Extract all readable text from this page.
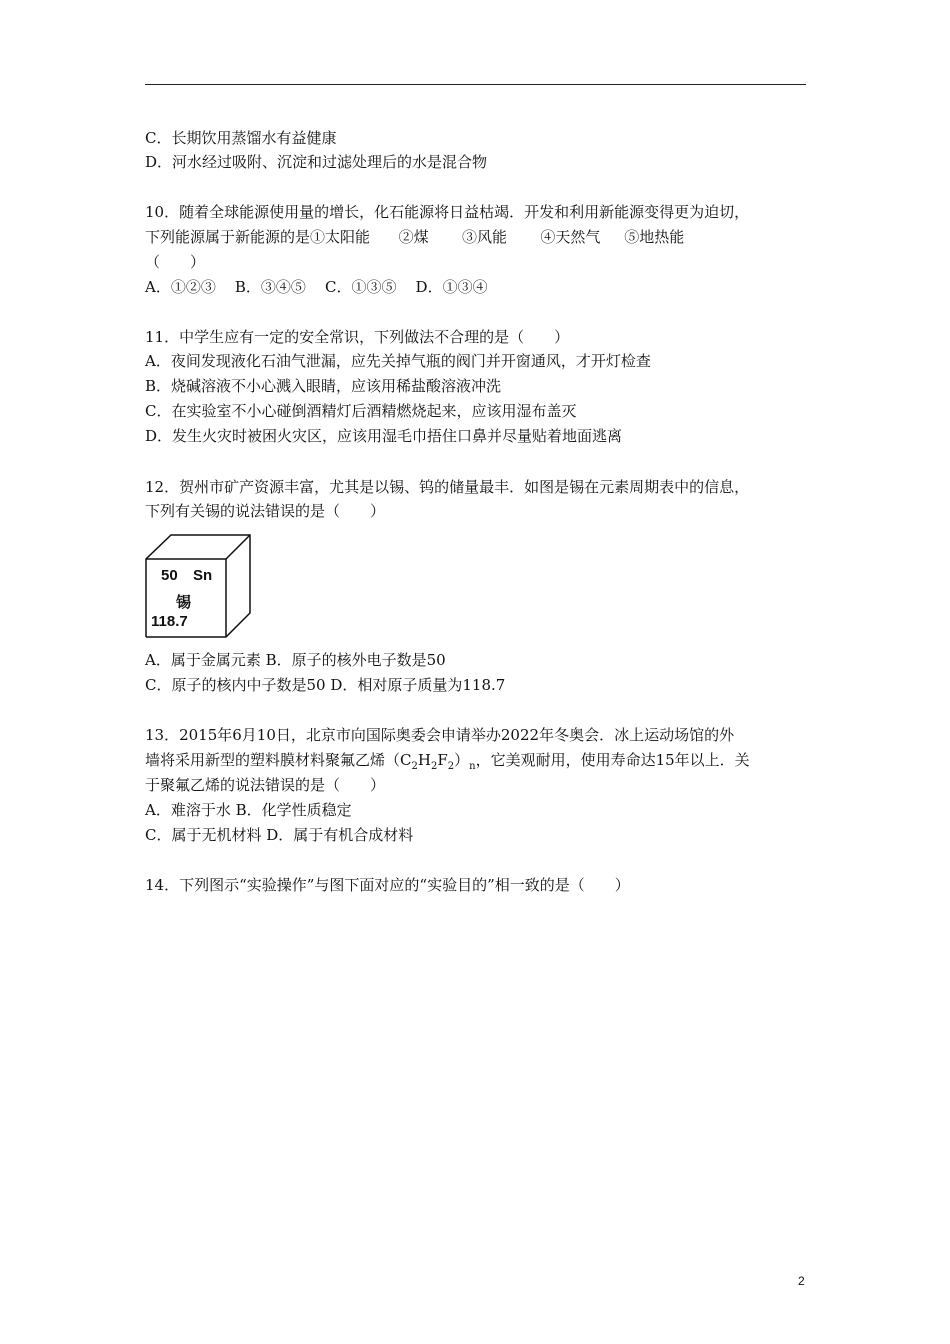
C．长期饮用蒸馏水有益健康
D．河水经过吸附、沉淀和过滤处理后的水是混合物
10．随着全球能源使用量的增长，化石能源将日益枯竭．开发和利用新能源变得更为迫切，
下列能源属于新能源的是①太阳能      ②煤       ③风能       ④天然气     ⑤地热能
（　　）
A．①②③    B．③④⑤    C．①③⑤    D．①③④
11．中学生应有一定的安全常识，下列做法不合理的是（　　）
A．夜间发现液化石油气泄漏，应先关掉气瓶的阀门并开窗通风，才开灯检查
B．烧碱溶液不小心溅入眼睛，应该用稀盐酸溶液冲洗
C．在实验室不小心碰倒酒精灯后酒精燃烧起来，应该用湿布盖灭
D．发生火灾时被困火灾区，应该用湿毛巾捂住口鼻并尽量贴着地面逃离
12．贺州市矿产资源丰富，尤其是以锡、钨的储量最丰．如图是锡在元素周期表中的信息，
下列有关锡的说法错误的是（　　）
50 Sn
锡
118.7
A．属于金属元素 B．原子的核外电子数是50
C．原子的核内中子数是50 D．相对原子质量为118.7
13．2015年6月10日，北京市向国际奥委会申请举办2022年冬奥会．冰上运动场馆的外
墙将采用新型的塑料膜材料聚氟乙烯$(C_2H_2F_2)_n$，它美观耐用，使用寿命达15年以上．关
于聚氟乙烯的说法错误的是（　　）
A．难溶于水 B．化学性质稳定
C．属于无机材料 D．属于有机合成材料
14．下列图示“实验操作”与图下面对应的“实验目的”相一致的是（　　）
2
